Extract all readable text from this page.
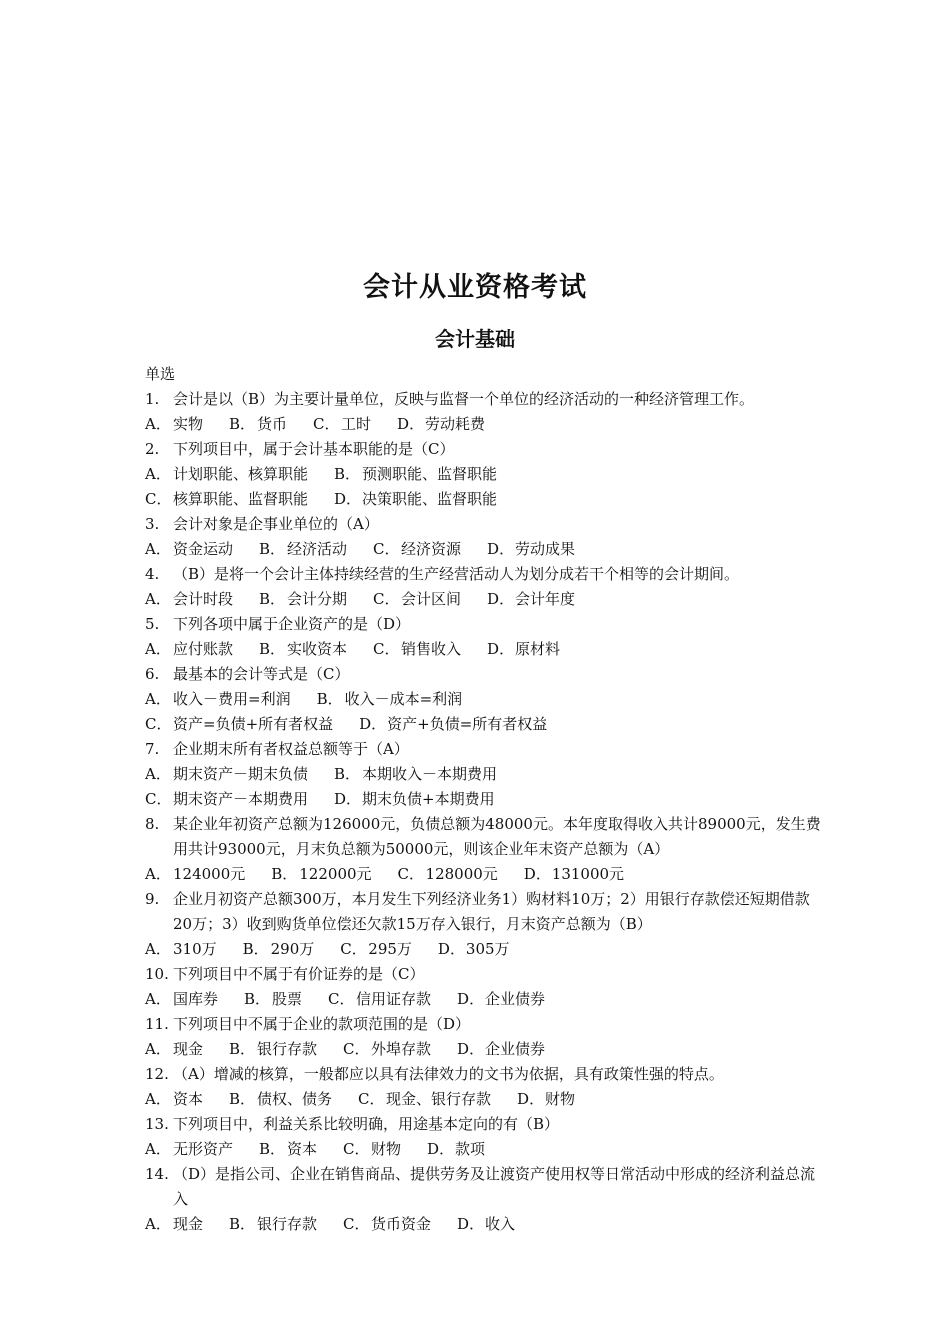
会计从业资格考试
会计基础
单选
1. 会计是以（B）为主要计量单位，反映与监督一个单位的经济活动的一种经济管理工作。
A． 实物 B． 货币 C． 工时 D．劳动耗费
2. 下列项目中，属于会计基本职能的是（C）
A． 计划职能、核算职能 B． 预测职能、监督职能
C． 核算职能、监督职能 D．决策职能、监督职能
3. 会计对象是企事业单位的（A）
A． 资金运动 B． 经济活动 C． 经济资源 D．劳动成果
4. （B）是将一个会计主体持续经营的生产经营活动人为划分成若干个相等的会计期间。
A． 会计时段 B． 会计分期 C． 会计区间 D．会计年度
5. 下列各项中属于企业资产的是（D）
A． 应付账款 B． 实收资本 C． 销售收入 D．原材料
6. 最基本的会计等式是（C）
A． 收入－费用=利润 B． 收入－成本=利润
C． 资产=负债+所有者权益 D．资产+负债=所有者权益
7. 企业期末所有者权益总额等于（A）
A． 期末资产－期末负债 B． 本期收入－本期费用
C． 期末资产－本期费用 D．期末负债+本期费用
8. 某企业年初资产总额为126000元，负债总额为48000元。本年度取得收入共计89000元，发生费用共计93000元，月末负总额为50000元，则该企业年末资产总额为（A）
A． 124000元 B． 122000元 C． 128000元 D．131000元
9. 企业月初资产总额300万，本月发生下列经济业务1）购材料10万；2）用银行存款偿还短期借款20万；3）收到购货单位偿还欠款15万存入银行，月末资产总额为（B）
A． 310万 B． 290万 C． 295万 D．305万
10. 下列项目中不属于有价证券的是（C）
A． 国库券 B． 股票 C． 信用证存款 D．企业债券
11. 下列项目中不属于企业的款项范围的是（D）
A． 现金 B． 银行存款 C． 外埠存款 D．企业债券
12. （A）增减的核算，一般都应以具有法律效力的文书为依据，具有政策性强的特点。
A． 资本 B． 债权、债务 C． 现金、银行存款 D．财物
13. 下列项目中，利益关系比较明确，用途基本定向的有（B）
A． 无形资产 B． 资本 C． 财物 D．款项
14. （D）是指公司、企业在销售商品、提供劳务及让渡资产使用权等日常活动中形成的经济利益总流入
A． 现金 B． 银行存款 C． 货币资金 D．收入
